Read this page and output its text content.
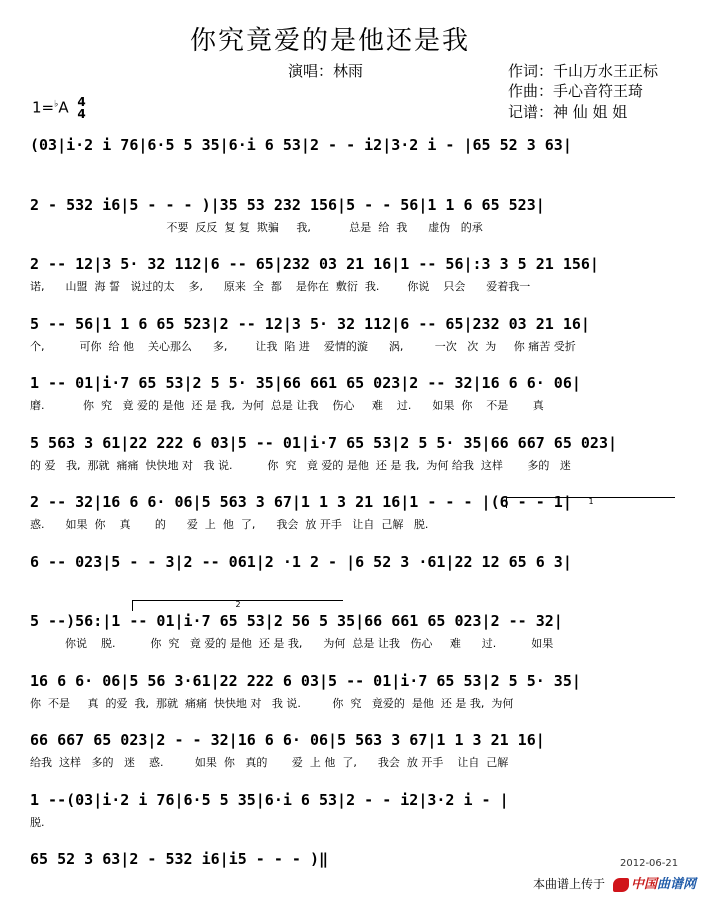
你究竟爱的是他还是我
演唱：林雨	作词：千山万水王正标
作曲：手心音符王琦
记谱：神 仙 姐 姐
1=♭A 4
4
(03|i·2 i 76|6·5 5 35|6·i 6 53|2 - - i2|3·2 i - |65 52 3 63|
2 - 532 i6|5 - - - )|35 53 232 156|5 - - 56|1 1 6 65 523|
不要  反反  复 复  欺骗     我,           总是  给  我      虚伪   的承
2 -- 12|3 5· 32 112|6 -- 65|232 03 21 16|1 -- 56|:3 3 5 21 156|
诺,      山盟  海 誓   说过的太    多,      原来  全  都    是你在  敷衍  我.        你说    只会      爱着我一
5 -- 56|1 1 6 65 523|2 -- 12|3 5· 32 112|6 -- 65|232 03 21 16|
个,          可你  给 他    关心那么      多,        让我  陷 进    爱情的漩      涡,         一次   次  为     你 痛苦 受折
1 -- 01|i·7 65 53|2 5 5· 35|66 661 65 023|2 -- 32|16 6 6· 06|
磨.           你  究   竟 爱的 是他  还 是 我,  为何  总是 让我    伤心     难    过.      如果  你    不是       真
5 563 3 61|22 222 6 03|5 -- 01|i·7 65 53|2 5 5· 35|66 667 65 023|
的 爱   我,  那就  痛痛  快快地 对   我 说.          你  究   竟 爱的 是他  还 是 我,  为何 给我  这样       多的   迷
2 -- 32|16 6 6· 06|5 563 3 67|1 1 3 21 16|1 - - - |(6 - - 1|
惑.      如果  你    真       的      爱  上  他  了,      我会  放 开手   让自  己解   脱.
6 -- 023|5 - - 3|2 -- 061|2 ·1 2 - |6 52 3 ·61|22 12 65 6 3|
5 --)56:|1 -- 01|i·7 65 53|2 56 5 35|66 661 65 023|2 -- 32|
你说    脱.          你  究   竟 爱的 是他  还 是 我,      为何  总是 让我   伤心     难      过.          如果
16 6 6· 06|5 56 3·61|22 222 6 03|5 -- 01|i·7 65 53|2 5 5· 35|
你  不是     真  的爱  我,  那就  痛痛  快快地 对   我 说.         你  究   竟爱的  是他  还 是 我,  为何
66 667 65 023|2 - - 32|16 6 6· 06|5 563 3 67|1 1 3 21 16|
给我  这样   多的   迷    惑.         如果  你   真的       爱  上 他  了,      我会  放 开手    让自  己解
1 --(03|i·2 i 76|6·5 5 35|6·i 6 53|2 - - i2|3·2 i - |
脱.
65 52 3 63|2 - 532 i6|i5 - - - )‖
1
2
2012-06-21
本曲谱上传于	中国曲谱网
